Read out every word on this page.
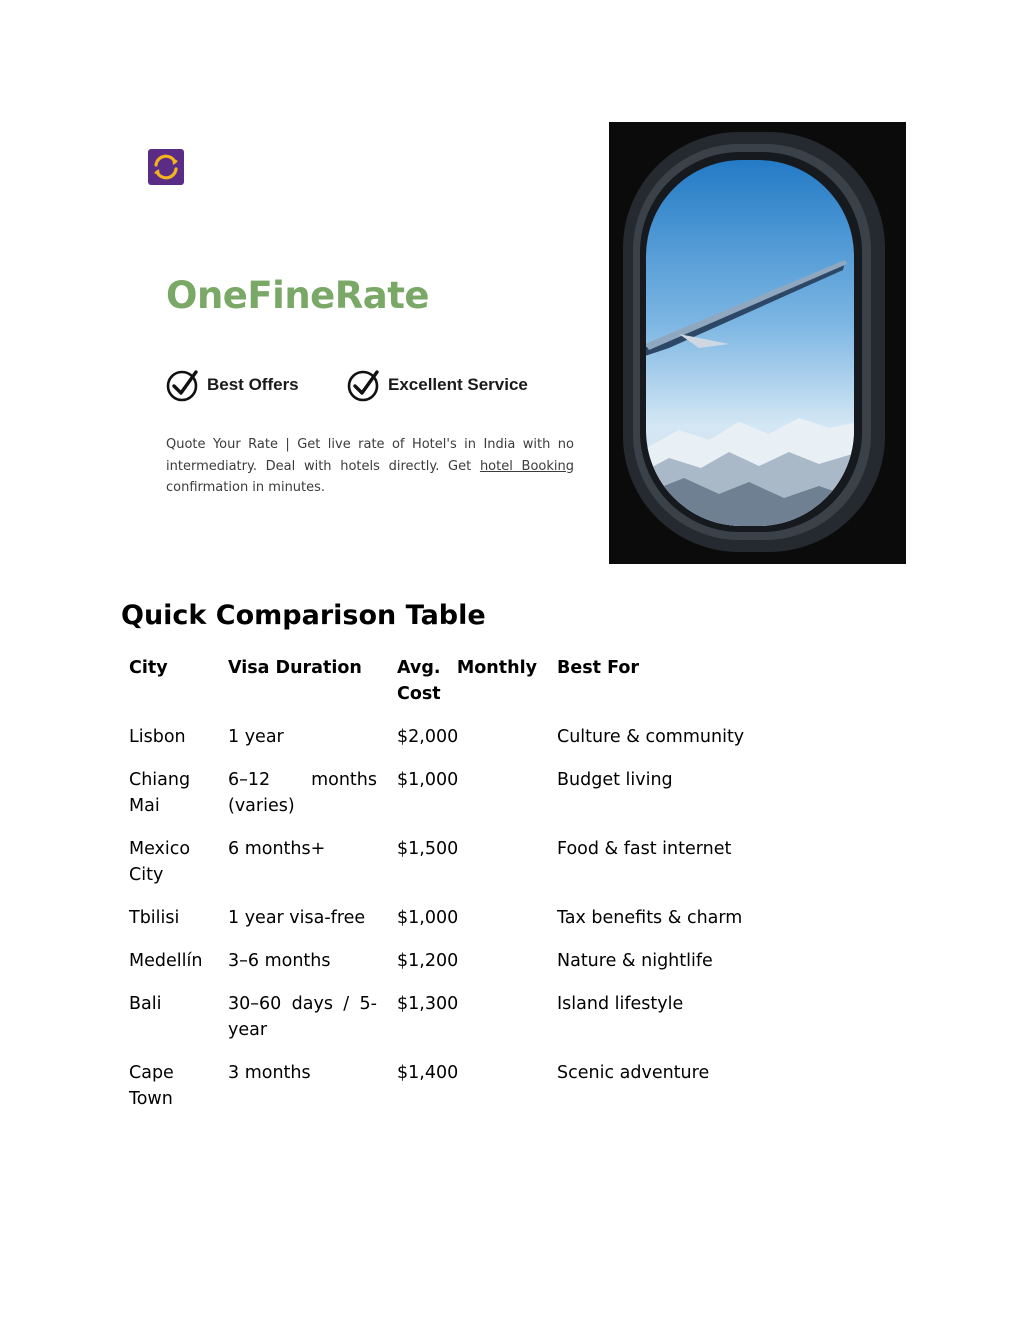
OneFineRate
Best Offers	Excellent Service

Quote Your Rate | Get live rate of Hotel's in India with no intermediatry. Deal with hotels directly. Get hotel Booking confirmation in minutes.

Quick Comparison Table
City	Visa Duration	Avg. Monthly Cost	Best For
Lisbon	1 year	$2,000	Culture & community
Chiang Mai	6–12 months (varies)	$1,000	Budget living
Mexico City	6 months+	$1,500	Food & fast internet
Tbilisi	1 year visa-free	$1,000	Tax benefits & charm
Medellín	3–6 months	$1,200	Nature & nightlife
Bali	30–60 days / 5-year	$1,300	Island lifestyle
Cape Town	3 months	$1,400	Scenic adventure
